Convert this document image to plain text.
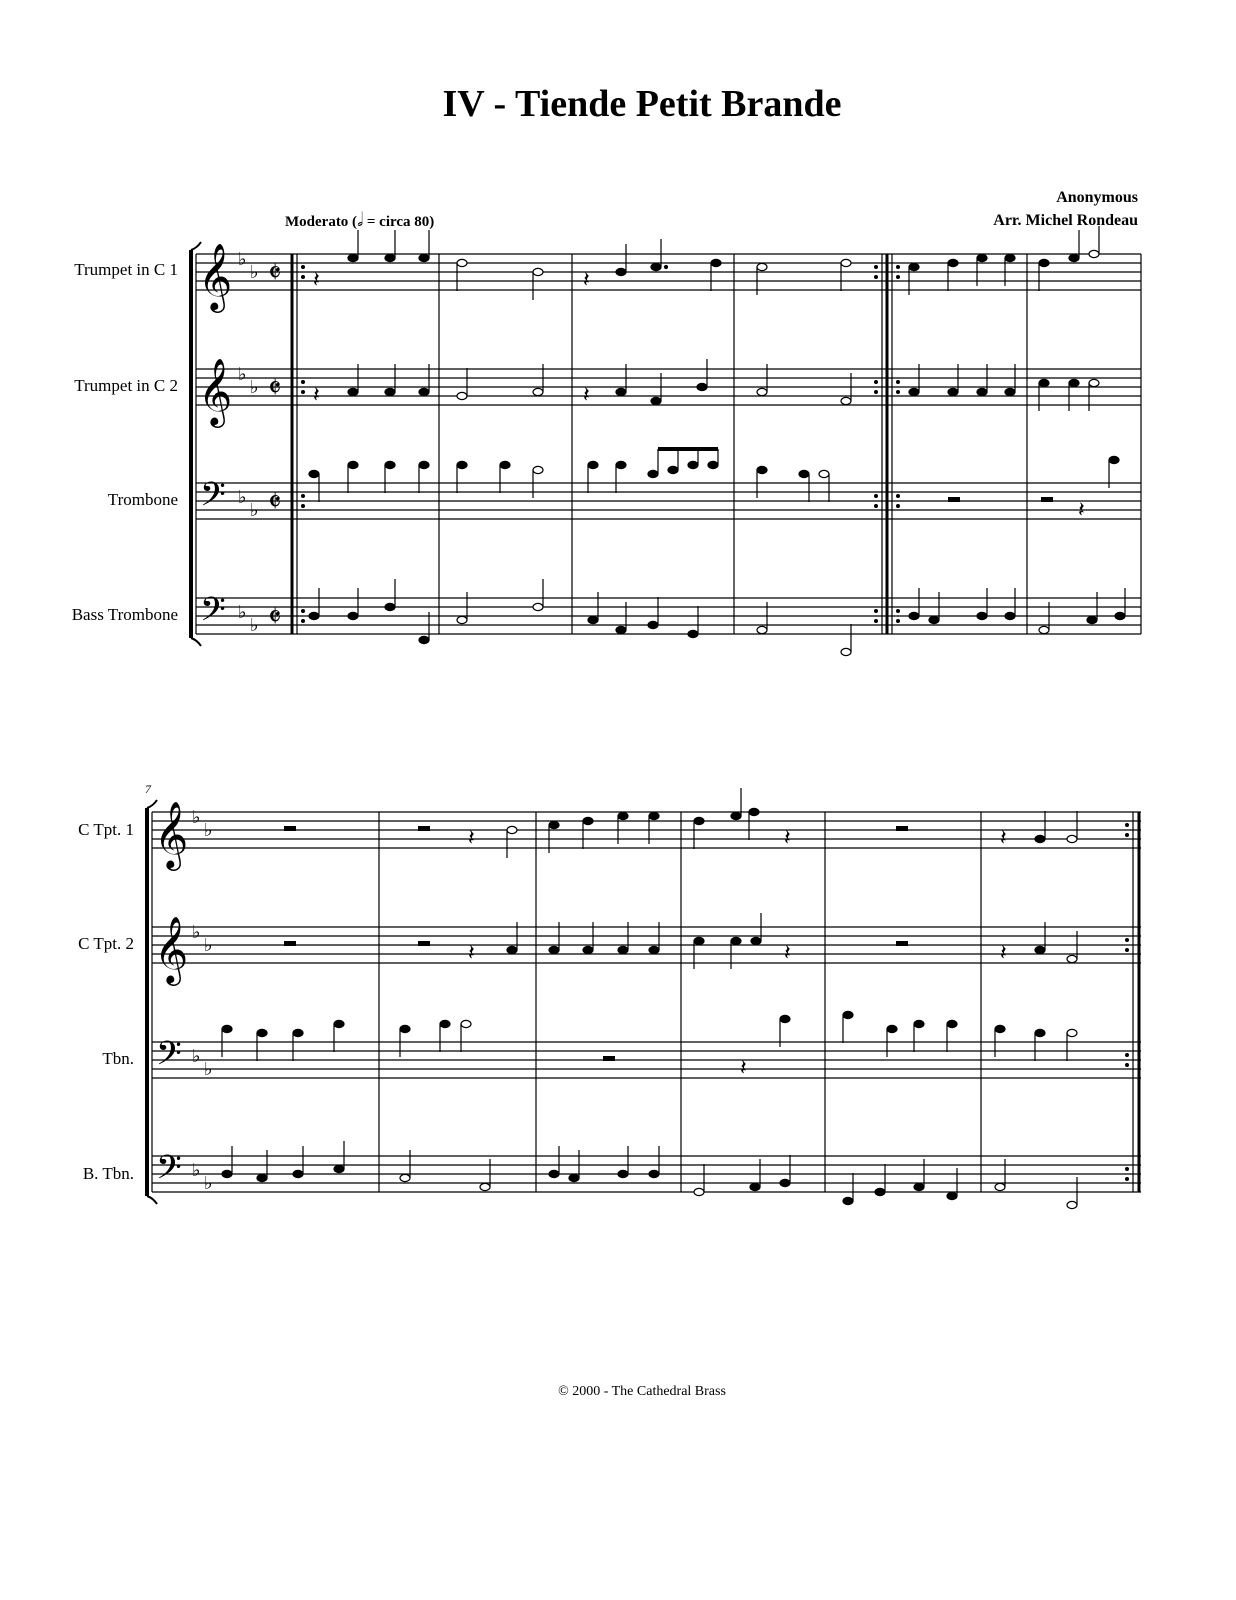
IV - Tiende Petit Brande
Anonymous
Arr. Michel Rondeau
Moderato (𝅗𝅥 = circa 80)
Trumpet in C 1
Trumpet in C 2
Trombone
Bass Trombone
7
C Tpt. 1
C Tpt. 2
Tbn.
B. Tbn.
© 2000 - The Cathedral Brass
𝄞
𝄞
𝄢
𝄢
𝄞
𝄞
𝄢
𝄢
♭
♭
♭
♭
♭
♭
♭
♭
♭
♭
♭
♭
♭
♭
♭
♭
𝄵
𝄵
𝄵
𝄵
𝄽	𝄽
𝄽	𝄽
𝄽
𝄽	𝄽	𝄽
𝄽	𝄽	𝄽
𝄽
